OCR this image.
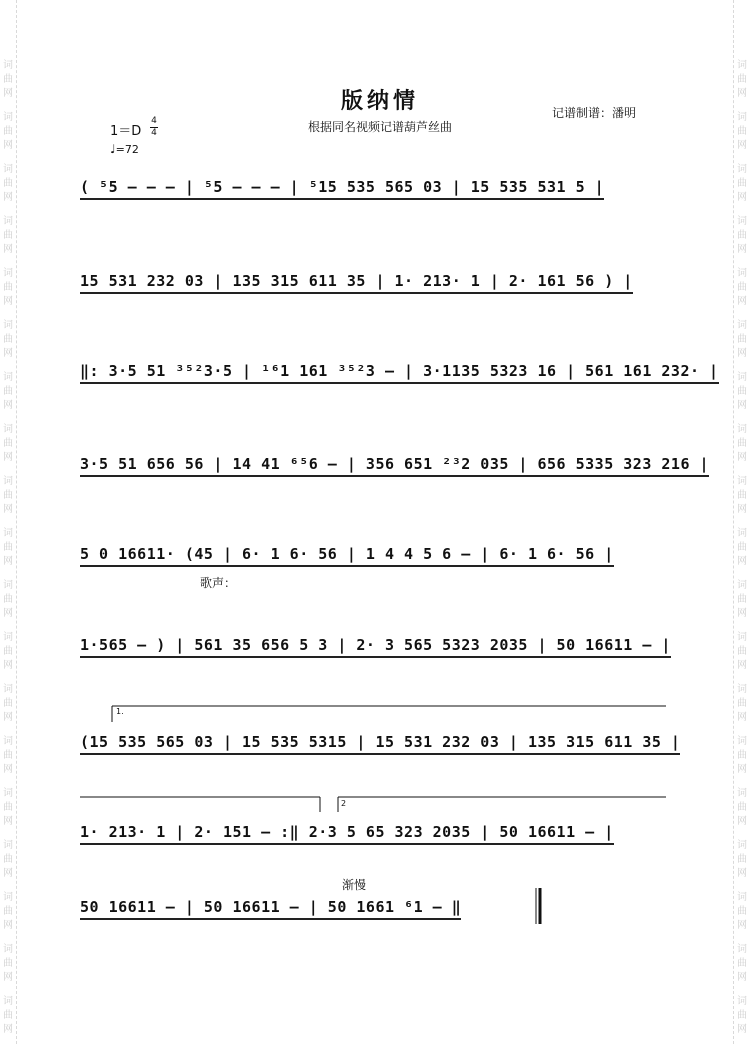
词
曲
网
词
曲
网
词
曲
网
词
曲
网
词
曲
网
词
曲
网
词
曲
网
词
曲
网
词
曲
网
词
曲
网
词
曲
网
词
曲
网
词
曲
网
词
曲
网
词
曲
网
词
曲
网
词
曲
网
词
曲
网
词
曲
网
词
曲
网
词
曲
网
词
曲
网
词
曲
网
词
曲
网
词
曲
网
词
曲
网
词
曲
网
词
曲
网
词
曲
网
词
曲
网
词
曲
网
词
曲
网
词
曲
网
词
曲
网
词
曲
网
词
曲
网
词
曲
网
词
曲
网
版纳情
根据同名视频记谱葫芦丝曲
记谱制谱：潘明
1＝D
4
4
♩=72
( ⁵5 – – – | ⁵5 – – – | ⁵15 535 565 03 | 15 535 531 5 |
15 531 232 03 | 135 315 611 35 | 1· 213· 1 | 2· 161 56 ) |
‖: 3·5 51 ³⁵²3·5 | ¹⁶1 161 ³⁵²3 – | 3·1135 5323 16 | 561 161 232· |
3·5 51 656 56 | 14 41 ⁶⁵6 – | 356 651 ²³2 035 | 656 5335 323 216 |
5 0 16611· (45 | 6· 1 6· 56 | 1 4 4 5 6 – | 6· 1 6· 56 |
1·565 – ) | 561 35 656 5 3 | 2· 3 565 5323 2035 | 50 16611 – |
(15 535 565 03 | 15 535 5315 | 15 531 232 03 | 135 315 611 35 |
1· 213· 1 | 2· 151 – :‖ 2·3 5 65 323 2035 | 50 16611 – |
50 16611 – | 50 16611 – | 50 1661 ⁶1 – ‖
1.
2
歌声：
渐慢
